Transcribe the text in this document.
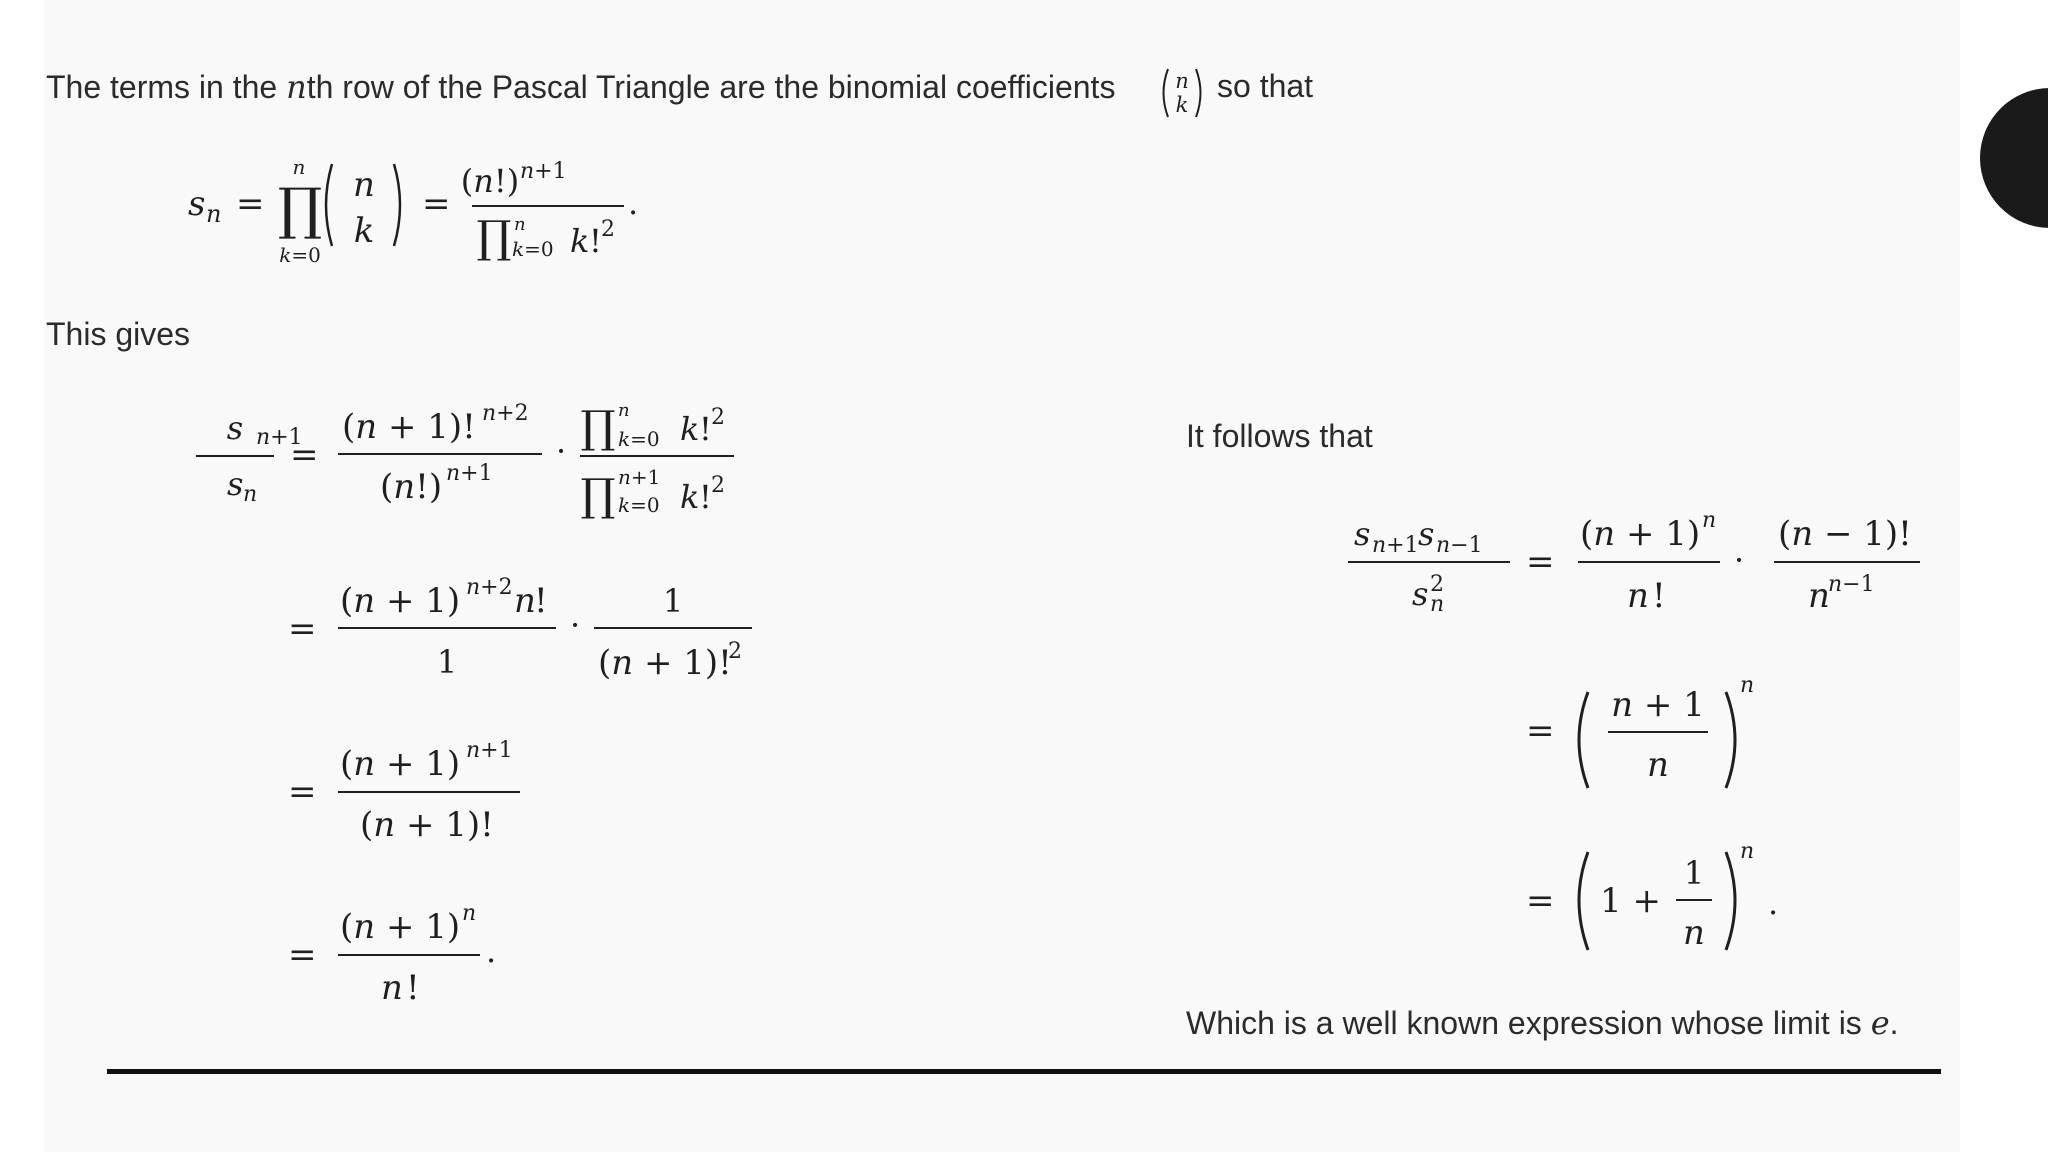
The terms in the nth row of the Pascal Triangle are the binomial coefficients	n
k
so that
s n =
n
∏
k=0
n
k
=
(n!) n+1
∏ n
k=0 k ! 2
.
This gives
s n+1
s n
=
(n + 1)! n+2
(n!) n+1
· ∏ n
k=0 k ! 2
∏ n+1
k=0 k ! 2
=
(n + 1) n+2 n
!
1
·
1
(n + 1)!
2
=
(n + 1) n+1
(n + 1)!
=
(n + 1) n
n !
.
It follows that
s n+1 s n−1
s 2
n
=
(n + 1) n
n !
·
(n − 1)!
n
n−1
=
n + 1
n
n
= 1 +
1
n
n
.
Which is a well known expression whose limit is e.
